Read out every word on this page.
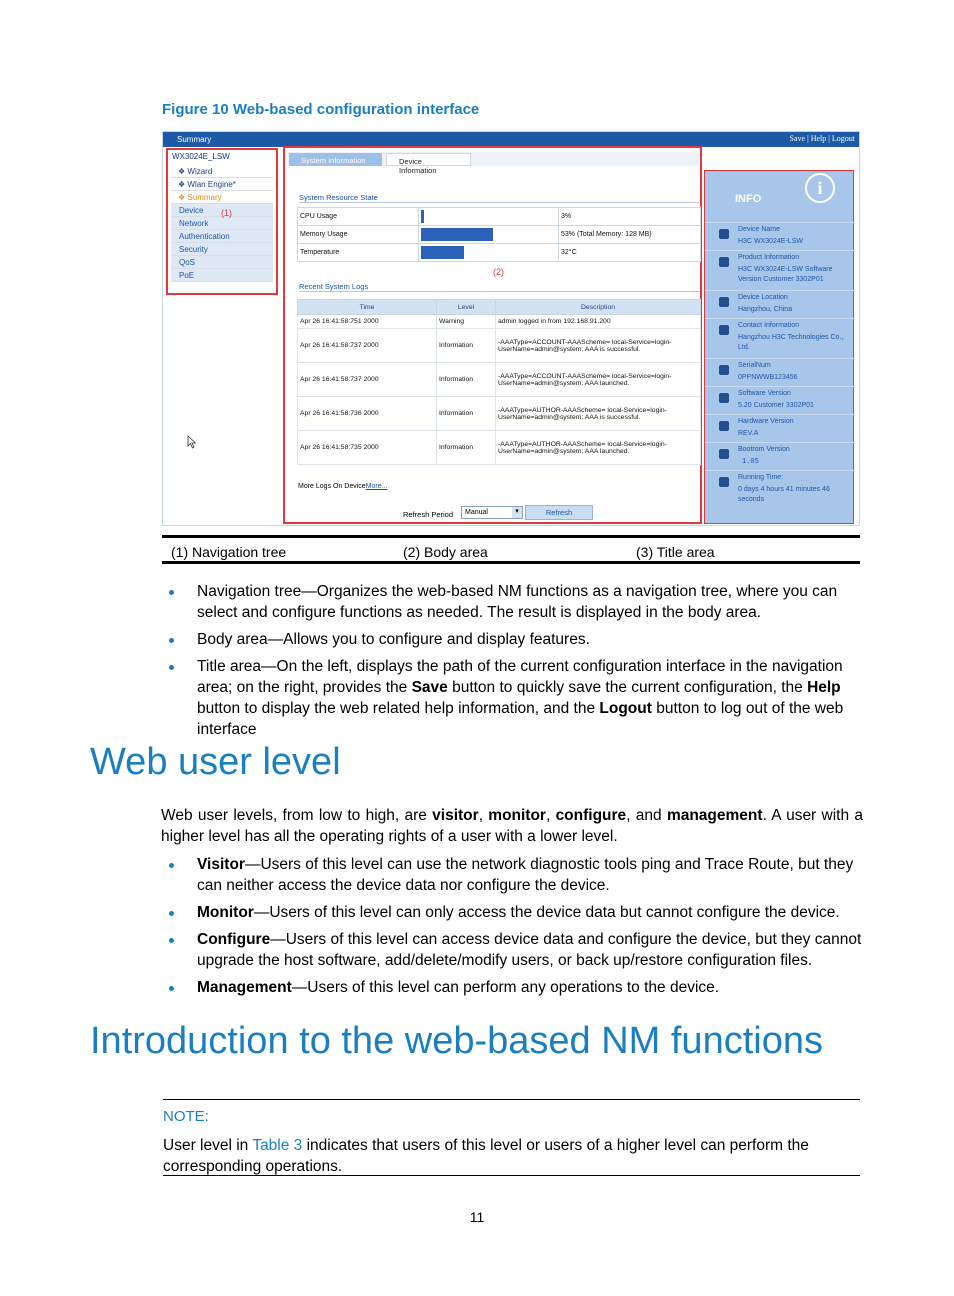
Figure 10 Web-based configuration interface
Summary	Save | Help | Logout
WX3024E_LSW
❖ Wizard
❖ Wlan Engine*
❖ Summary
Device
Network
Authentication
Security
QoS
PoE
(1)
System Information	Device Information
System Resource State
CPU Usage		3%
Memory Usage		53% (Total Memory: 128 MB)
Temperature		32°C
(2)
Recent System Logs
Time	Level	Description
Apr 26 16:41:58:751 2000	Warning	admin logged in from 192.168.91.200
Apr 26 16:41:58:737 2000	Information	-AAAType=ACCOUNT-AAAScheme= local-Service=login-UserName=admin@system; AAA is successful.
Apr 26 16:41:58:737 2000	Information	-AAAType=ACCOUNT-AAAScheme= local-Service=login-UserName=admin@system; AAA launched.
Apr 26 16:41:58:736 2000	Information	-AAAType=AUTHOR-AAAScheme= local-Service=login-UserName=admin@system; AAA is successful.
Apr 26 16:41:58:735 2000	Information	-AAAType=AUTHOR-AAAScheme= local-Service=login-UserName=admin@system; AAA launched.
More Logs On DeviceMore...
Refresh Period	Manual	▾	Refresh
i
INFO
Device Name
H3C WX3024E-LSW
Product Information
H3C WX3024E-LSW Software Version Customer 3302P01
Device Location
Hangzhou, China
Contact Information
Hangzhou H3C Technologies Co., Ltd.
SerialNum
0PPNWWB123456
Software Version
5.20 Customer 3302P01
Hardware Version
REV.A
Bootrom Version
1.05
Running Time:
0 days 4 hours 41 minutes 46 seconds
(1) Navigation tree	(2) Body area	(3) Title area
Navigation tree—Organizes the web-based NM functions as a navigation tree, where you can select and configure functions as needed. The result is displayed in the body area.
Body area—Allows you to configure and display features.
Title area—On the left, displays the path of the current configuration interface in the navigation area; on the right, provides the Save button to quickly save the current configuration, the Help button to display the web related help information, and the Logout button to log out of the web interface
Web user level
Web user levels, from low to high, are visitor, monitor, configure, and management. A user with a higher level has all the operating rights of a user with a lower level.
Visitor—Users of this level can use the network diagnostic tools ping and Trace Route, but they can neither access the device data nor configure the device.
Monitor—Users of this level can only access the device data but cannot configure the device.
Configure—Users of this level can access device data and configure the device, but they cannot upgrade the host software, add/delete/modify users, or back up/restore configuration files.
Management—Users of this level can perform any operations to the device.
Introduction to the web-based NM functions
NOTE:
User level in Table 3 indicates that users of this level or users of a higher level can perform the corresponding operations.
11
